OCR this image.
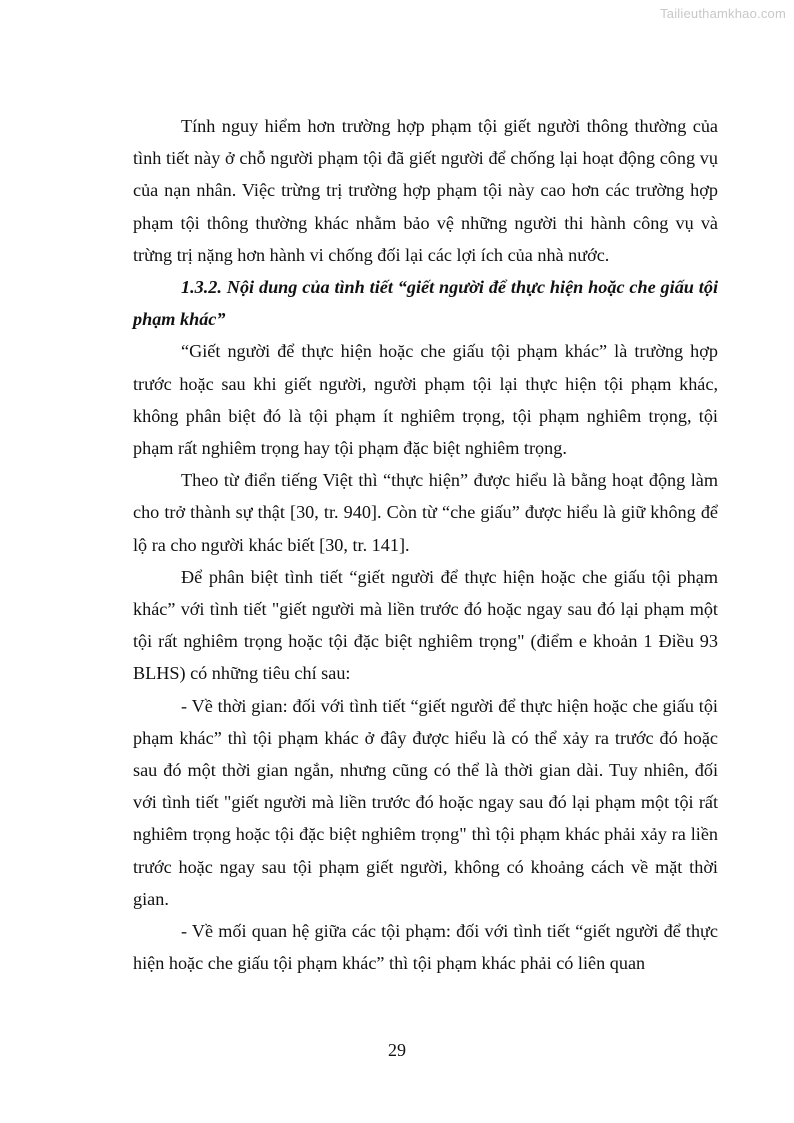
Tailieuthamkhao.com

Tính nguy hiểm hơn trường hợp phạm tội giết người thông thường của tình tiết này ở chỗ người phạm tội đã giết người để chống lại hoạt động công vụ của nạn nhân. Việc trừng trị trường hợp phạm tội này cao hơn các trường hợp phạm tội thông thường khác nhằm bảo vệ những người thi hành công vụ và trừng trị nặng hơn hành vi chống đối lại các lợi ích của nhà nước.

1.3.2. Nội dung của tình tiết “giết người để thực hiện hoặc che giấu tội phạm khác”

“Giết người để thực hiện hoặc che giấu tội phạm khác” là trường hợp trước hoặc sau khi giết người, người phạm tội lại thực hiện tội phạm khác, không phân biệt đó là tội phạm ít nghiêm trọng, tội phạm nghiêm trọng, tội phạm rất nghiêm trọng hay tội phạm đặc biệt nghiêm trọng.

Theo từ điển tiếng Việt thì “thực hiện” được hiểu là bằng hoạt động làm cho trở thành sự thật [30, tr. 940]. Còn từ “che giấu” được hiểu là giữ không để lộ ra cho người khác biết [30, tr. 141].

Để phân biệt tình tiết “giết người để thực hiện hoặc che giấu tội phạm khác” với tình tiết "giết người mà liền trước đó hoặc ngay sau đó lại phạm một tội rất nghiêm trọng hoặc tội đặc biệt nghiêm trọng" (điểm e khoản 1 Điều 93 BLHS) có những tiêu chí sau:

- Về thời gian: đối với tình tiết “giết người để thực hiện hoặc che giấu tội phạm khác” thì tội phạm khác ở đây được hiểu là có thể xảy ra trước đó hoặc sau đó một thời gian ngắn, nhưng cũng có thể là thời gian dài. Tuy nhiên, đối với tình tiết "giết người mà liền trước đó hoặc ngay sau đó lại phạm một tội rất nghiêm trọng hoặc tội đặc biệt nghiêm trọng" thì tội phạm khác phải xảy ra liền trước hoặc ngay sau tội phạm giết người, không có khoảng cách về mặt thời gian.

- Về mối quan hệ giữa các tội phạm: đối với tình tiết “giết người để thực hiện hoặc che giấu tội phạm khác” thì tội phạm khác phải có liên quan

29
